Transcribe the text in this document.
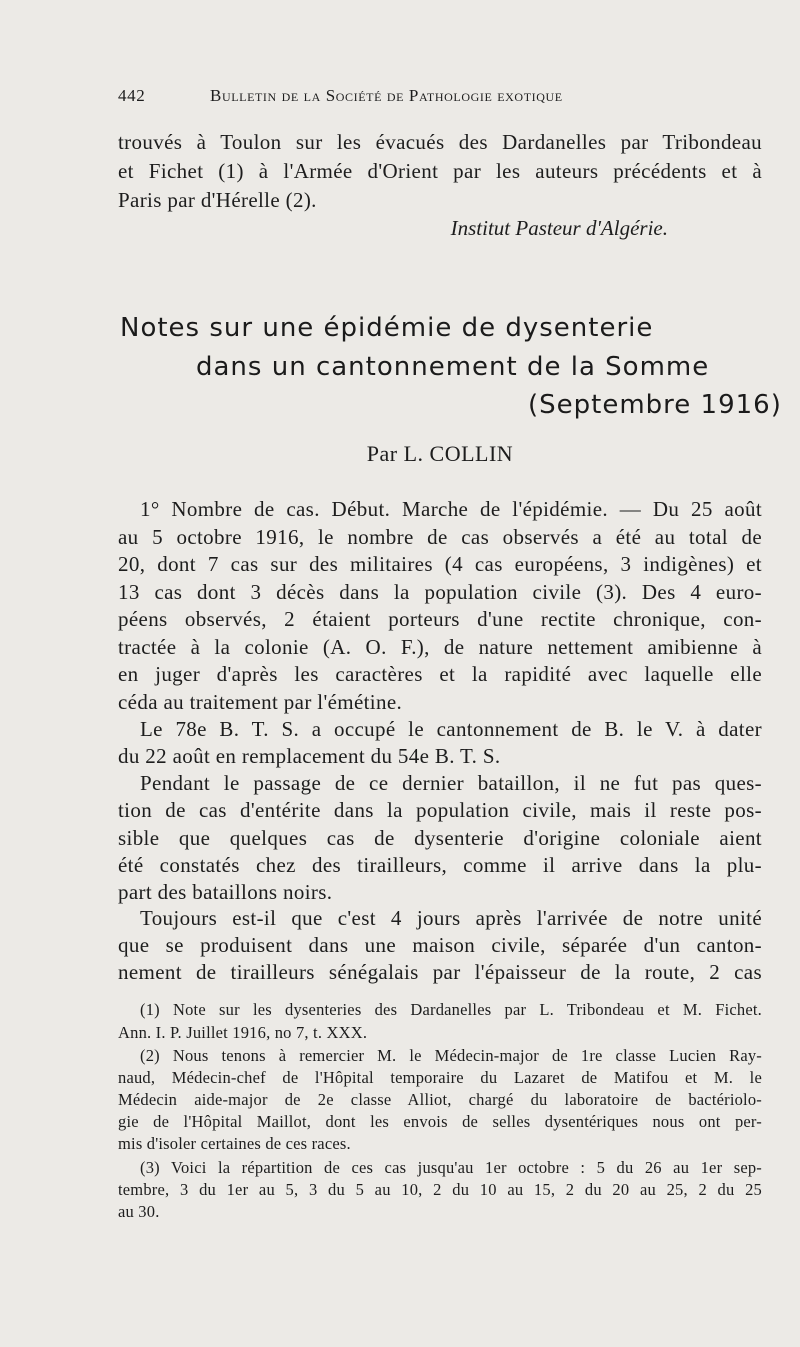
442	Bulletin de la Société de Pathologie exotique

trouvés à Toulon sur les évacués des Dardanelles par Tribondeau

et Fichet (1) à l'Armée d'Orient par les auteurs précédents et à

Paris par d'Hérelle (2).

Institut Pasteur d'Algérie.

Notes sur une épidémie de dysenterie

dans un cantonnement de la Somme

(Septembre 1916)

Par L. COLLIN

1° Nombre de cas. Début. Marche de l'épidémie. — Du 25 août

au 5 octobre 1916, le nombre de cas observés a été au total de

20, dont 7 cas sur des militaires (4 cas européens, 3 indigènes) et

13 cas dont 3 décès dans la population civile (3). Des 4 euro-

péens observés, 2 étaient porteurs d'une rectite chronique, con-

tractée à la colonie (A. O. F.), de nature nettement amibienne à

en juger d'après les caractères et la rapidité avec laquelle elle

céda au traitement par l'émétine.

Le 78e B. T. S. a occupé le cantonnement de B. le V. à dater

du 22 août en remplacement du 54e B. T. S.

Pendant le passage de ce dernier bataillon, il ne fut pas ques-

tion de cas d'entérite dans la population civile, mais il reste pos-

sible que quelques cas de dysenterie d'origine coloniale aient

été constatés chez des tirailleurs, comme il arrive dans la plu-

part des bataillons noirs.

Toujours est-il que c'est 4 jours après l'arrivée de notre unité

que se produisent dans une maison civile, séparée d'un canton-

nement de tirailleurs sénégalais par l'épaisseur de la route, 2 cas

(1) Note sur les dysenteries des Dardanelles par L. Tribondeau et M. Fichet.

Ann. I. P. Juillet 1916, no 7, t. XXX.

(2) Nous tenons à remercier M. le Médecin-major de 1re classe Lucien Ray-

naud, Médecin-chef de l'Hôpital temporaire du Lazaret de Matifou et M. le

Médecin aide-major de 2e classe Alliot, chargé du laboratoire de bactériolo-

gie de l'Hôpital Maillot, dont les envois de selles dysentériques nous ont per-

mis d'isoler certaines de ces races.

(3) Voici la répartition de ces cas jusqu'au 1er octobre : 5 du 26 au 1er sep-

tembre, 3 du 1er au 5, 3 du 5 au 10, 2 du 10 au 15, 2 du 20 au 25, 2 du 25

au 30.
